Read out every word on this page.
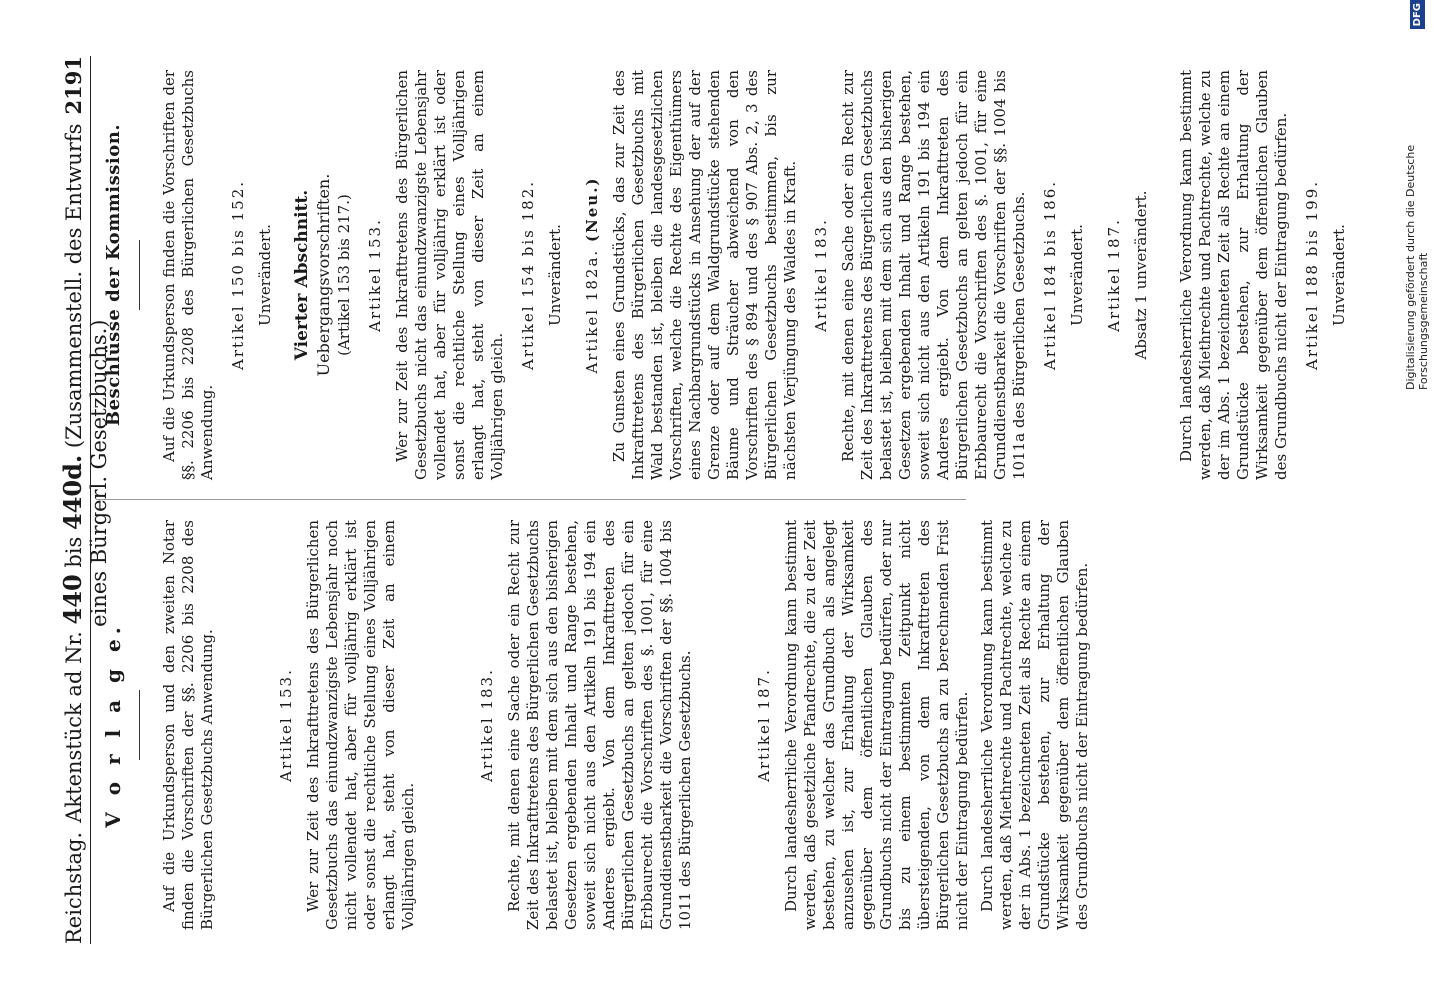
Reichstag.
Aktenstück ad Nr. 440 bis 440d. (Zusammenstell. des Entwurfs eines Bürgerl. Gesetzbuchs.)
2191
V o r l a g e. Auf die Urkundsperson und den zweiten Notar finden die Vorschriften der §§. 2206 bis 2208 des Bürgerlichen Gesetzbuchs Anwendung.	Artikel 153. Wer zur Zeit des Inkrafttretens des Bürgerlichen Gesetzbuchs das einundzwanzigste Lebensjahr noch nicht vollendet hat, aber für volljährig erklärt ist oder sonst die rechtliche Stellung eines Volljährigen erlangt hat, steht von dieser Zeit an einem Volljährigen gleich.

Artikel 183. Rechte, mit denen eine Sache oder ein Recht zur Zeit des Inkrafttretens des Bürgerlichen Gesetzbuchs belastet ist, bleiben mit dem sich aus den bisherigen Gesetzen ergebenden Inhalt und Range bestehen, soweit sich nicht aus den Artikeln 191 bis 194 ein Anderes ergiebt. Von dem Inkrafttreten des Bürgerlichen Gesetzbuchs an gelten jedoch für ein Erbbaurecht die Vorschriften des §. 1001, für eine Grunddienstbarkeit die Vorschriften der §§. 1004 bis 1011 des Bürgerlichen Gesetzbuchs.	Artikel 187. Durch landesherrliche Verordnung kann bestimmt werden, daß gesetzliche Pfandrechte, die zu der Zeit bestehen, zu welcher das Grundbuch als angelegt anzusehen ist, zur Erhaltung der Wirksamkeit gegenüber dem öffentlichen Glauben des Grundbuchs nicht der Eintragung bedürfen, oder nur bis zu einem bestimmten Zeitpunkt nicht übersteigenden, von dem Inkrafttreten des Bürgerlichen Gesetzbuchs an zu berechnenden Frist nicht der Eintragung bedürfen. Durch landesherrliche Verordnung kann bestimmt werden, daß Miethrechte und Pachtrechte, welche zu der in Abs. 1 bezeichneten Zeit als Rechte an einem Grundstücke bestehen, zur Erhaltung der Wirksamkeit gegenüber dem öffentlichen Glauben des Grundbuchs nicht der Eintragung bedürfen.

Beschlüsse der Kommission. Auf die Urkundsperson finden die Vorschriften der §§. 2206 bis 2208 des Bürgerlichen Gesetzbuchs Anwendung.

Artikel 150 bis 152. Unverändert. Vierter Abschnitt. Uebergangsvorschriften. (Artikel 153 bis 217.) Artikel 153. Wer zur Zeit des Inkrafttretens des Bürgerlichen Gesetzbuchs nicht das einundzwanzigste Lebensjahr vollendet hat, aber für volljährig erklärt ist oder sonst die rechtliche Stellung eines Volljährigen erlangt hat, steht von dieser Zeit an einem Volljährigen gleich.

Artikel 154 bis 182. Unverändert. Artikel 182a. (Neu.) Zu Gunsten eines Grundstücks, das zur Zeit des Inkrafttretens des Bürgerlichen Gesetzbuchs mit Wald bestanden ist, bleiben die landesgesetzlichen Vorschriften, welche die Rechte des Eigenthümers eines Nachbargrundstücks in Ansehung der auf der Grenze oder auf dem Waldgrundstücke stehenden Bäume und Sträucher abweichend von den Vorschriften des § 894 und des § 907 Abs. 2, 3 des Bürgerlichen Gesetzbuchs bestimmen, bis zur nächsten Verjüngung des Waldes in Kraft. Artikel 183. Rechte, mit denen eine Sache oder ein Recht zur Zeit des Inkrafttretens des Bürgerlichen Gesetzbuchs belastet ist, bleiben mit dem sich aus den bisherigen Gesetzen ergebenden Inhalt und Range bestehen, soweit sich nicht aus den Artikeln 191 bis 194 ein Anderes ergiebt. Von dem Inkrafttreten des Bürgerlichen Gesetzbuchs an gelten jedoch für ein Erbbaurecht die Vorschriften des §. 1001, für eine Grunddienstbarkeit die Vorschriften der §§. 1004 bis 1011a des Bürgerlichen Gesetzbuchs. Artikel 184 bis 186. Unverändert. Artikel 187. Absatz 1 unverändert. Durch landesherrliche Verordnung kann bestimmt werden, daß Miethrechte und Pachtrechte, welche zu der im Abs. 1 bezeichneten Zeit als Rechte an einem Grundstücke bestehen, zur Erhaltung der Wirksamkeit gegenüber dem öffentlichen Glauben des Grundbuchs nicht der Eintragung bedürfen. Artikel 188 bis 199. Unverändert.	Digitalisierung gefördert durch die Deutsche Forschungsgemeinschaft
DFG
